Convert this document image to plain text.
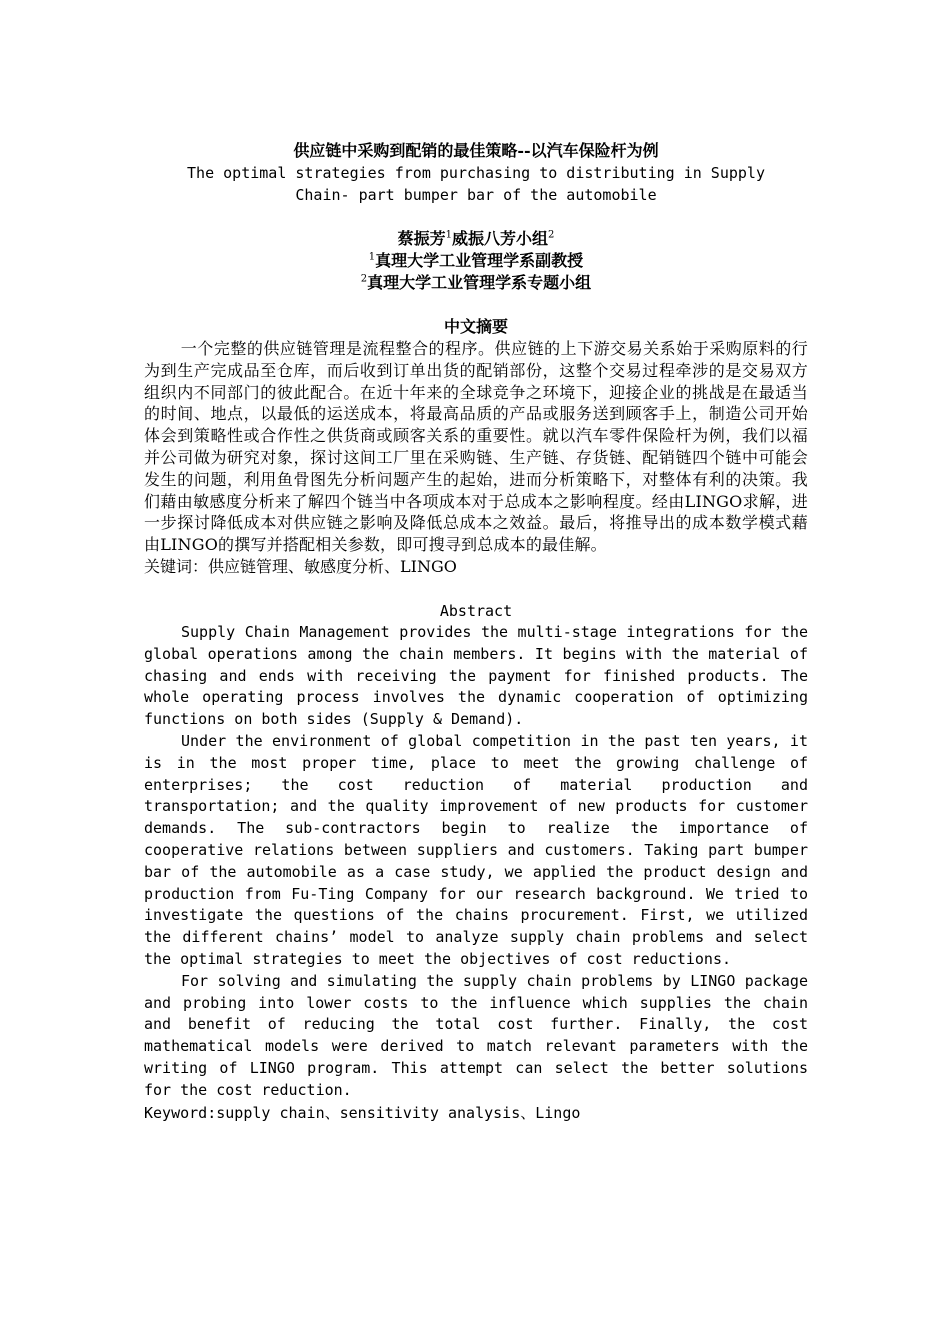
供应链中采购到配销的最佳策略--以汽车保险杆为例

The optimal strategies from purchasing to distributing in Supply Chain- part bumper bar of the automobile

蔡振芳$^1$威振八芳小组$^2$
$^1$真理大学工业管理学系副教授
$^2$真理大学工业管理学系专题小组
中文摘要

一个完整的供应链管理是流程整合的程序。供应链的上下游交易关系始于采购原料的行为到生产完成品至仓库，而后收到订单出货的配销部份，这整个交易过程牵涉的是交易双方组织内不同部门的彼此配合。在近十年来的全球竞争之环境下，迎接企业的挑战是在最适当的时间、地点，以最低的运送成本，将最高品质的产品或服务送到顾客手上，制造公司开始体会到策略性或合作性之供货商或顾客关系的重要性。就以汽车零件保险杆为例，我们以福并公司做为研究对象，探讨这间工厂里在采购链、生产链、存货链、配销链四个链中可能会发生的问题，利用鱼骨图先分析问题产生的起始，进而分析策略下，对整体有利的决策。我们藉由敏感度分析来了解四个链当中各项成本对于总成本之影响程度。经由LINGO求解，进一步探讨降低成本对供应链之影响及降低总成本之效益。最后，将推导出的成本数学模式藉由LINGO的撰写并搭配相关参数，即可搜寻到总成本的最佳解。

关键词：供应链管理、敏感度分析、LINGO

Abstract

Supply Chain Management provides the multi-stage integrations for the global operations among the chain members. It begins with the material of chasing and ends with receiving the payment for finished products. The whole operating process involves the dynamic cooperation of optimizing functions on both sides (Supply & Demand).

Under the environment of global competition in the past ten years, it is in the most proper time, place to meet the growing challenge of enterprises; the cost reduction of material production and transportation; and the quality improvement of new products for customer demands. The sub-contractors begin to realize the importance of cooperative relations between suppliers and customers. Taking part bumper bar of the automobile as a case study, we applied the product design and production from Fu-Ting Company for our research background. We tried to investigate the questions of the chains procurement. First, we utilized the different chains’ model to analyze supply chain problems and select the optimal strategies to meet the objectives of cost reductions.

For solving and simulating the supply chain problems by LINGO package and probing into lower costs to the influence which supplies the chain and benefit of reducing the total cost further. Finally, the cost mathematical models were derived to match relevant parameters with the writing of LINGO program. This attempt can select the better solutions for the cost reduction.

Keyword:supply chain、sensitivity analysis、Lingo
